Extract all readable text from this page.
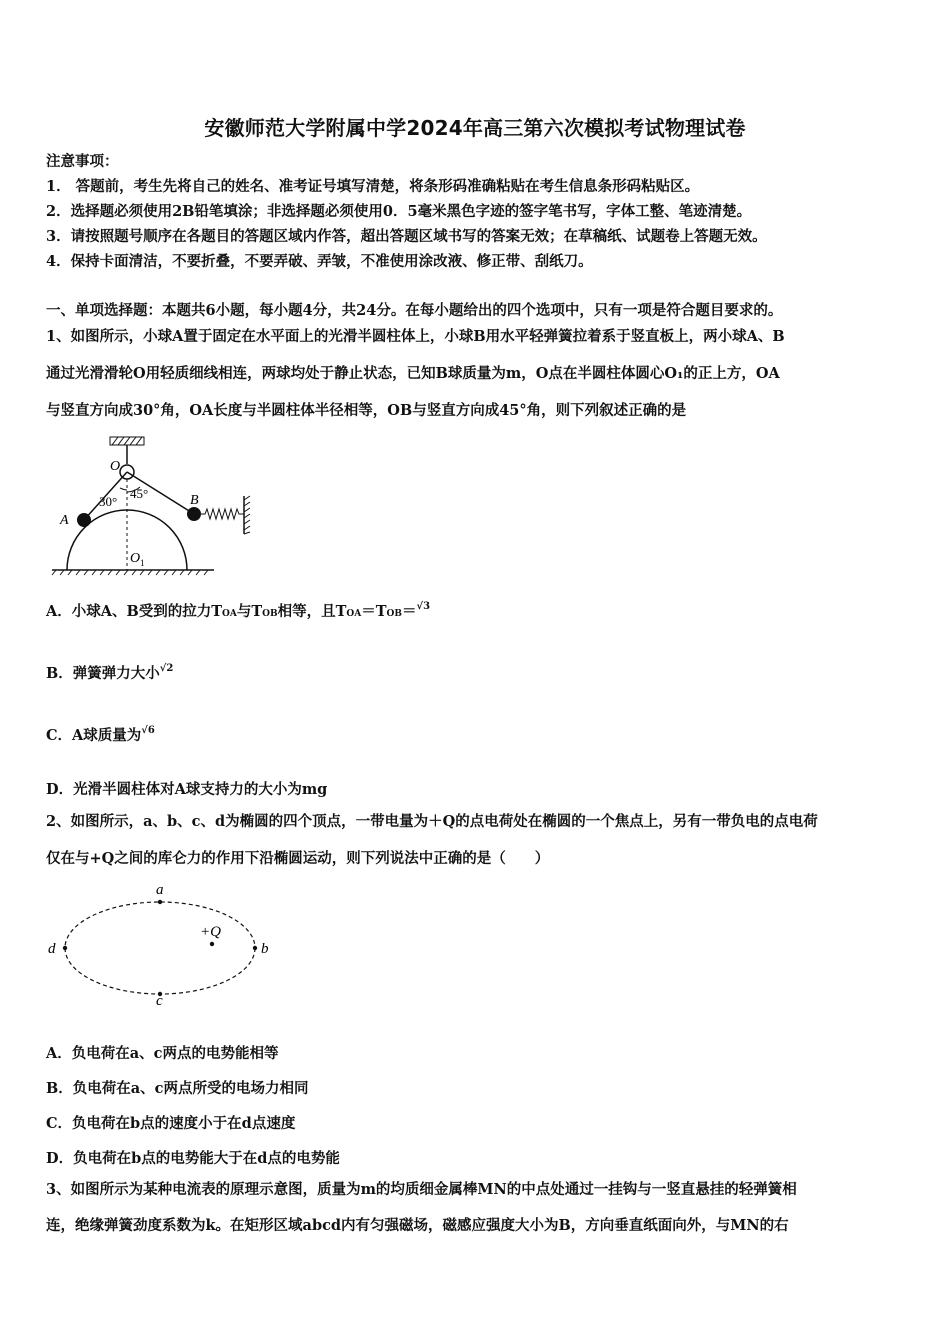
安徽师范大学附属中学2024年高三第六次模拟考试物理试卷
注意事项：
1． 答题前，考生先将自己的姓名、准考证号填写清楚，将条形码准确粘贴在考生信息条形码粘贴区。
2．选择题必须使用2B铅笔填涂；非选择题必须使用0．5毫米黑色字迹的签字笔书写，字体工整、笔迹清楚。
3．请按照题号顺序在各题目的答题区域内作答，超出答题区域书写的答案无效；在草稿纸、试题卷上答题无效。
4．保持卡面清洁，不要折叠，不要弄破、弄皱，不准使用涂改液、修正带、刮纸刀。
一、单项选择题：本题共6小题，每小题4分，共24分。在每小题给出的四个选项中，只有一项是符合题目要求的。
1、如图所示，小球A置于固定在水平面上的光滑半圆柱体上，小球B用水平轻弹簧拉着系于竖直板上，两小球A、B
通过光滑滑轮O用轻质细线相连，两球均处于静止状态，已知B球质量为m，O点在半圆柱体圆心O₁的正上方，OA
与竖直方向成30°角，OA长度与半圆柱体半径相等，OB与竖直方向成45°角，则下列叙述正确的是
O
A
B
30°
45°
O 1
A．小球A、B受到的拉力TOA与TOB相等，且TOA＝TOB＝$^{√3}$
B．弹簧弹力大小$^{√2}$
C．A球质量为$^{√6}$
D．光滑半圆柱体对A球支持力的大小为mg
2、如图所示，a、b、c、d为椭圆的四个顶点，一带电量为＋Q的点电荷处在椭圆的一个焦点上，另有一带负电的点电荷
仅在与+Q之间的库仑力的作用下沿椭圆运动，则下列说法中正确的是（　　）
a
b
c
d
+Q
A．负电荷在a、c两点的电势能相等
B．负电荷在a、c两点所受的电场力相同
C．负电荷在b点的速度小于在d点速度
D．负电荷在b点的电势能大于在d点的电势能
3、如图所示为某种电流表的原理示意图，质量为m的均质细金属棒MN的中点处通过一挂钩与一竖直悬挂的轻弹簧相
连，绝缘弹簧劲度系数为k。在矩形区域abcd内有匀强磁场，磁感应强度大小为B，方向垂直纸面向外，与MN的右
